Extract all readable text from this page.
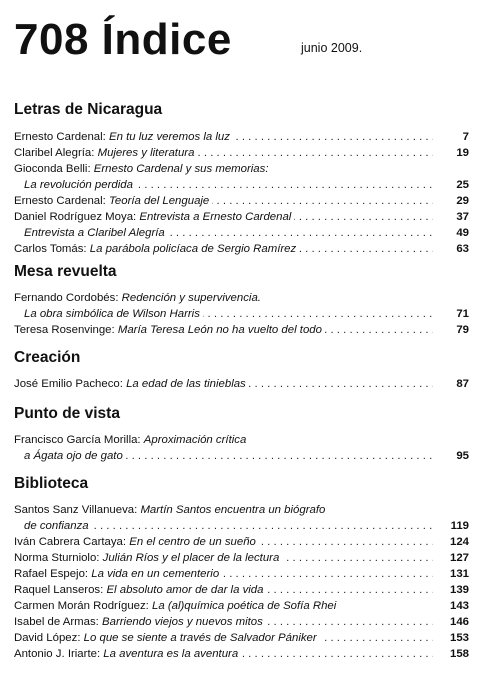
708 Índice	junio 2009.
Letras de Nicaragua
Ernesto Cardenal: En tu luz veremos la luz . . .	7
Claribel Alegría: Mujeres y literatura . . .	19
Gioconda Belli: Ernesto Cardenal y sus memorias:
La revolución perdida . . .	25
Ernesto Cardenal: Teoría del Lenguaje . . .	29
Daniel Rodríguez Moya: Entrevista a Ernesto Cardenal . . .	37
Entrevista a Claribel Alegría . . .	49
Carlos Tomás: La parábola policíaca de Sergio Ramírez . . .	63
Mesa revuelta
Fernando Cordobés: Redención y supervivencia.
La obra simbólica de Wilson Harris . . .	71
Teresa Rosenvinge: María Teresa León no ha vuelto del todo . . .	79
Creación
José Emilio Pacheco: La edad de las tinieblas . . .	87
Punto de vista
Francisco García Morilla: Aproximación crítica
a Ágata ojo de gato . . .	95
Biblioteca
Santos Sanz Villanueva: Martín Santos encuentra un biógrafo
de confianza . . .	119
Iván Cabrera Cartaya: En el centro de un sueño . . .	124
Norma Sturniolo: Julián Ríos y el placer de la lectura . . .	127
Rafael Espejo: La vida en un cementerio . . .	131
Raquel Lanseros: El absoluto amor de dar la vida . . .	139
Carmen Morán Rodríguez: La (al)química poética de Sofía Rhei	143
Isabel de Armas: Barriendo viejos y nuevos mitos . . .	146
David López: Lo que se siente a través de Salvador Pániker . . .	153
Antonio J. Iriarte: La aventura es la aventura . . .	158
